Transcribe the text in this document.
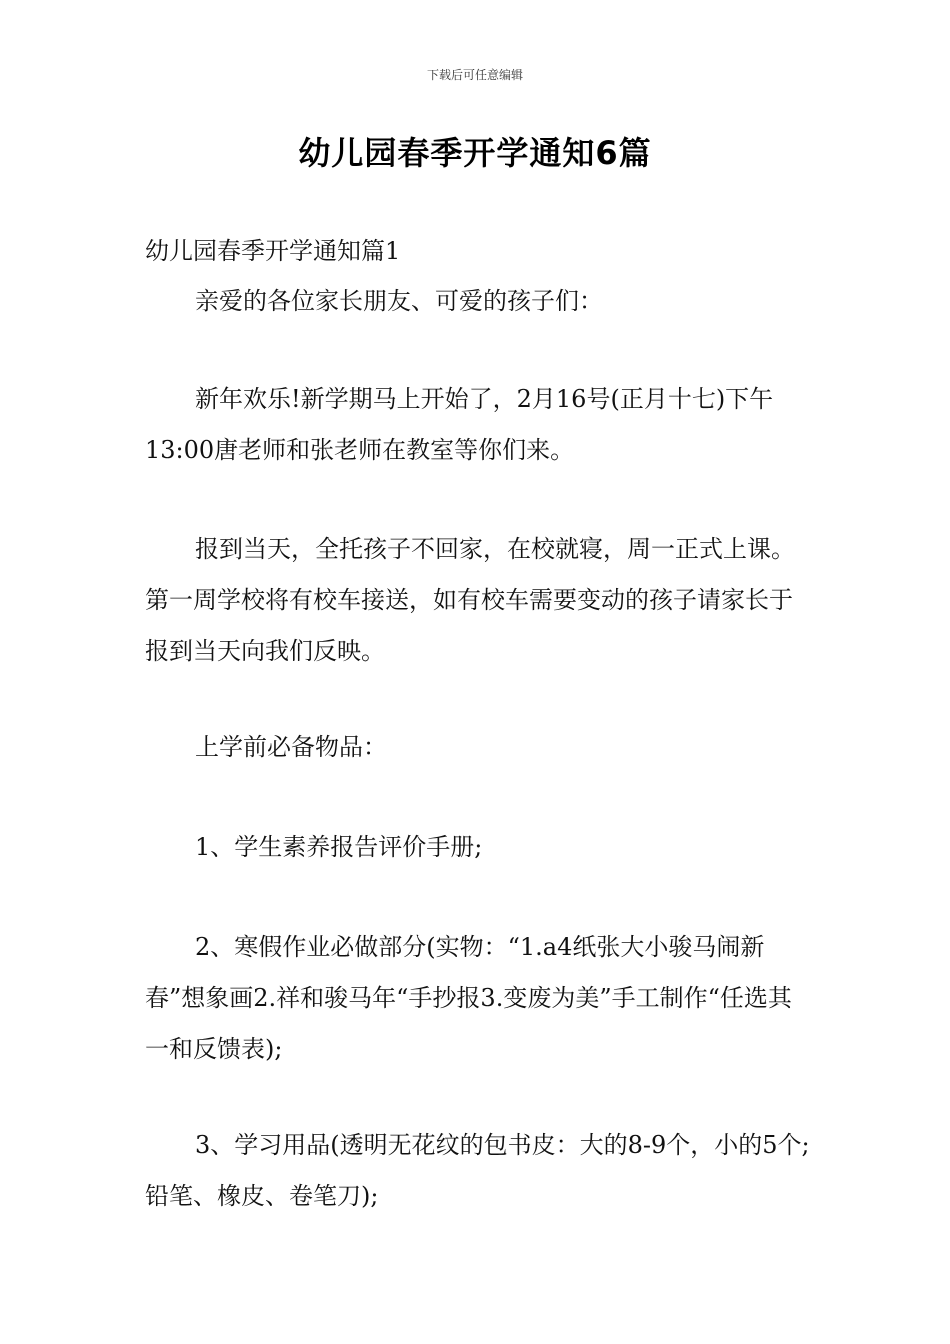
下载后可任意编辑
幼儿园春季开学通知6篇

幼儿园春季开学通知篇1

亲爱的各位家长朋友、可爱的孩子们：

新年欢乐!新学期马上开始了，2月16号(正月十七)下午13:00唐老师和张老师在教室等你们来。

报到当天，全托孩子不回家，在校就寝，周一正式上课。第一周学校将有校车接送，如有校车需要变动的孩子请家长于报到当天向我们反映。

上学前必备物品：

1、学生素养报告评价手册;

2、寒假作业必做部分(实物：“1.a4纸张大小骏马闹新春”想象画2.祥和骏马年“手抄报3.变废为美”手工制作“任选其一和反馈表);

3、学习用品(透明无花纹的包书皮：大的8-9个，小的5个;铅笔、橡皮、卷笔刀);
